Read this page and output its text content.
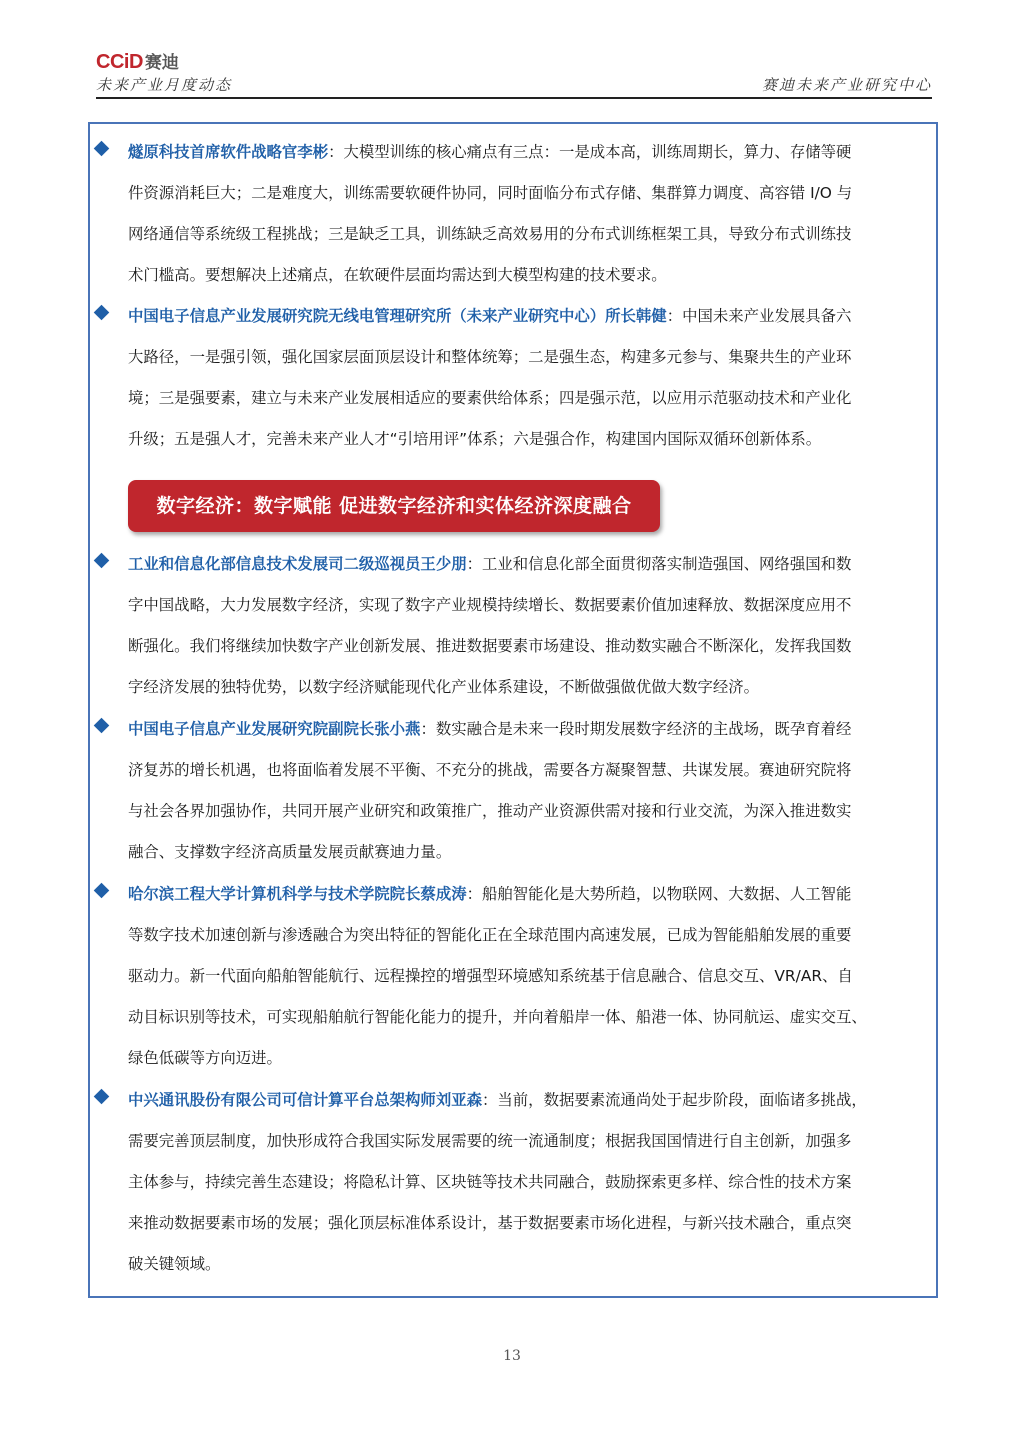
CCiD 赛迪
未来产业月度动态	赛迪未来产业研究中心
燧原科技首席软件战略官李彬：大模型训练的核心痛点有三点：一是成本高，训练周期长，算力、存储等硬
件资源消耗巨大；二是难度大，训练需要软硬件协同，同时面临分布式存储、集群算力调度、高容错 I/O 与
网络通信等系统级工程挑战；三是缺乏工具，训练缺乏高效易用的分布式训练框架工具，导致分布式训练技
术门槛高。要想解决上述痛点，在软硬件层面均需达到大模型构建的技术要求。
中国电子信息产业发展研究院无线电管理研究所（未来产业研究中心）所长韩健：中国未来产业发展具备六
大路径，一是强引领，强化国家层面顶层设计和整体统筹；二是强生态，构建多元参与、集聚共生的产业环
境；三是强要素，建立与未来产业发展相适应的要素供给体系；四是强示范，以应用示范驱动技术和产业化
升级；五是强人才，完善未来产业人才“引培用评”体系；六是强合作，构建国内国际双循环创新体系。
数字经济：数字赋能 促进数字经济和实体经济深度融合
工业和信息化部信息技术发展司二级巡视员王少朋：工业和信息化部全面贯彻落实制造强国、网络强国和数
字中国战略，大力发展数字经济，实现了数字产业规模持续增长、数据要素价值加速释放、数据深度应用不
断强化。我们将继续加快数字产业创新发展、推进数据要素市场建设、推动数实融合不断深化，发挥我国数
字经济发展的独特优势，以数字经济赋能现代化产业体系建设，不断做强做优做大数字经济。
中国电子信息产业发展研究院副院长张小燕：数实融合是未来一段时期发展数字经济的主战场，既孕育着经
济复苏的增长机遇，也将面临着发展不平衡、不充分的挑战，需要各方凝聚智慧、共谋发展。赛迪研究院将
与社会各界加强协作，共同开展产业研究和政策推广，推动产业资源供需对接和行业交流，为深入推进数实
融合、支撑数字经济高质量发展贡献赛迪力量。
哈尔滨工程大学计算机科学与技术学院院长蔡成涛：船舶智能化是大势所趋，以物联网、大数据、人工智能
等数字技术加速创新与渗透融合为突出特征的智能化正在全球范围内高速发展，已成为智能船舶发展的重要
驱动力。新一代面向船舶智能航行、远程操控的增强型环境感知系统基于信息融合、信息交互、VR/AR、自
动目标识别等技术，可实现船舶航行智能化能力的提升，并向着船岸一体、船港一体、协同航运、虚实交互、
绿色低碳等方向迈进。
中兴通讯股份有限公司可信计算平台总架构师刘亚森：当前，数据要素流通尚处于起步阶段，面临诸多挑战，
需要完善顶层制度，加快形成符合我国实际发展需要的统一流通制度；根据我国国情进行自主创新，加强多
主体参与，持续完善生态建设；将隐私计算、区块链等技术共同融合，鼓励探索更多样、综合性的技术方案
来推动数据要素市场的发展；强化顶层标准体系设计，基于数据要素市场化进程，与新兴技术融合，重点突
破关键领域。
13
